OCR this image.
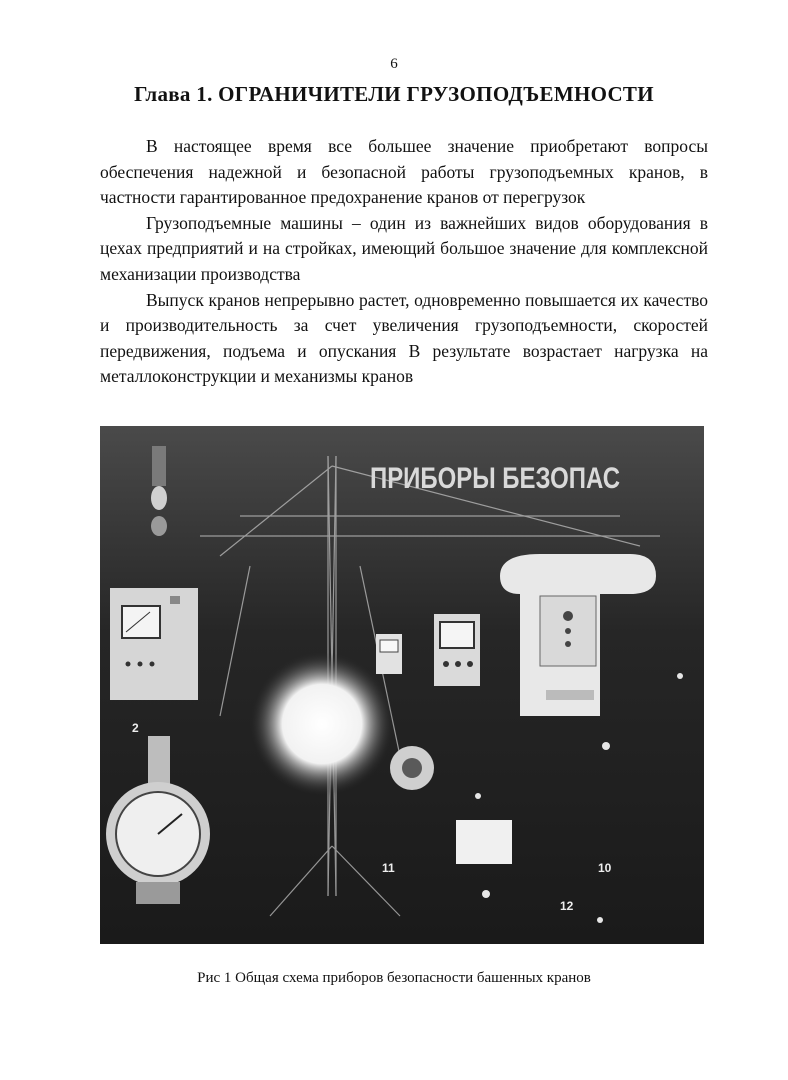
6
Глава 1. ОГРАНИЧИТЕЛИ ГРУЗОПОДЪЕМНОСТИ

В настоящее время все большее значение приобретают вопросы обеспечения надежной и безопасной работы грузоподъемных кранов, в частности гарантированное предохранение кранов от перегрузок

Грузоподъемные машины – один из важнейших видов оборудования в цехах предприятий и на стройках, имеющий большое значение для комплексной механизации производства

Выпуск кранов непрерывно растет, одновременно повышается их качество и производительность за счет увеличения грузоподъемности, скоростей передвижения, подъема и опускания В результате возрастает нагрузка на металлоконструкции и механизмы кранов

ПРИБОРЫ БЕЗОПАС
2
11	10
12
Рис 1 Общая схема приборов безопасности башенных кранов
